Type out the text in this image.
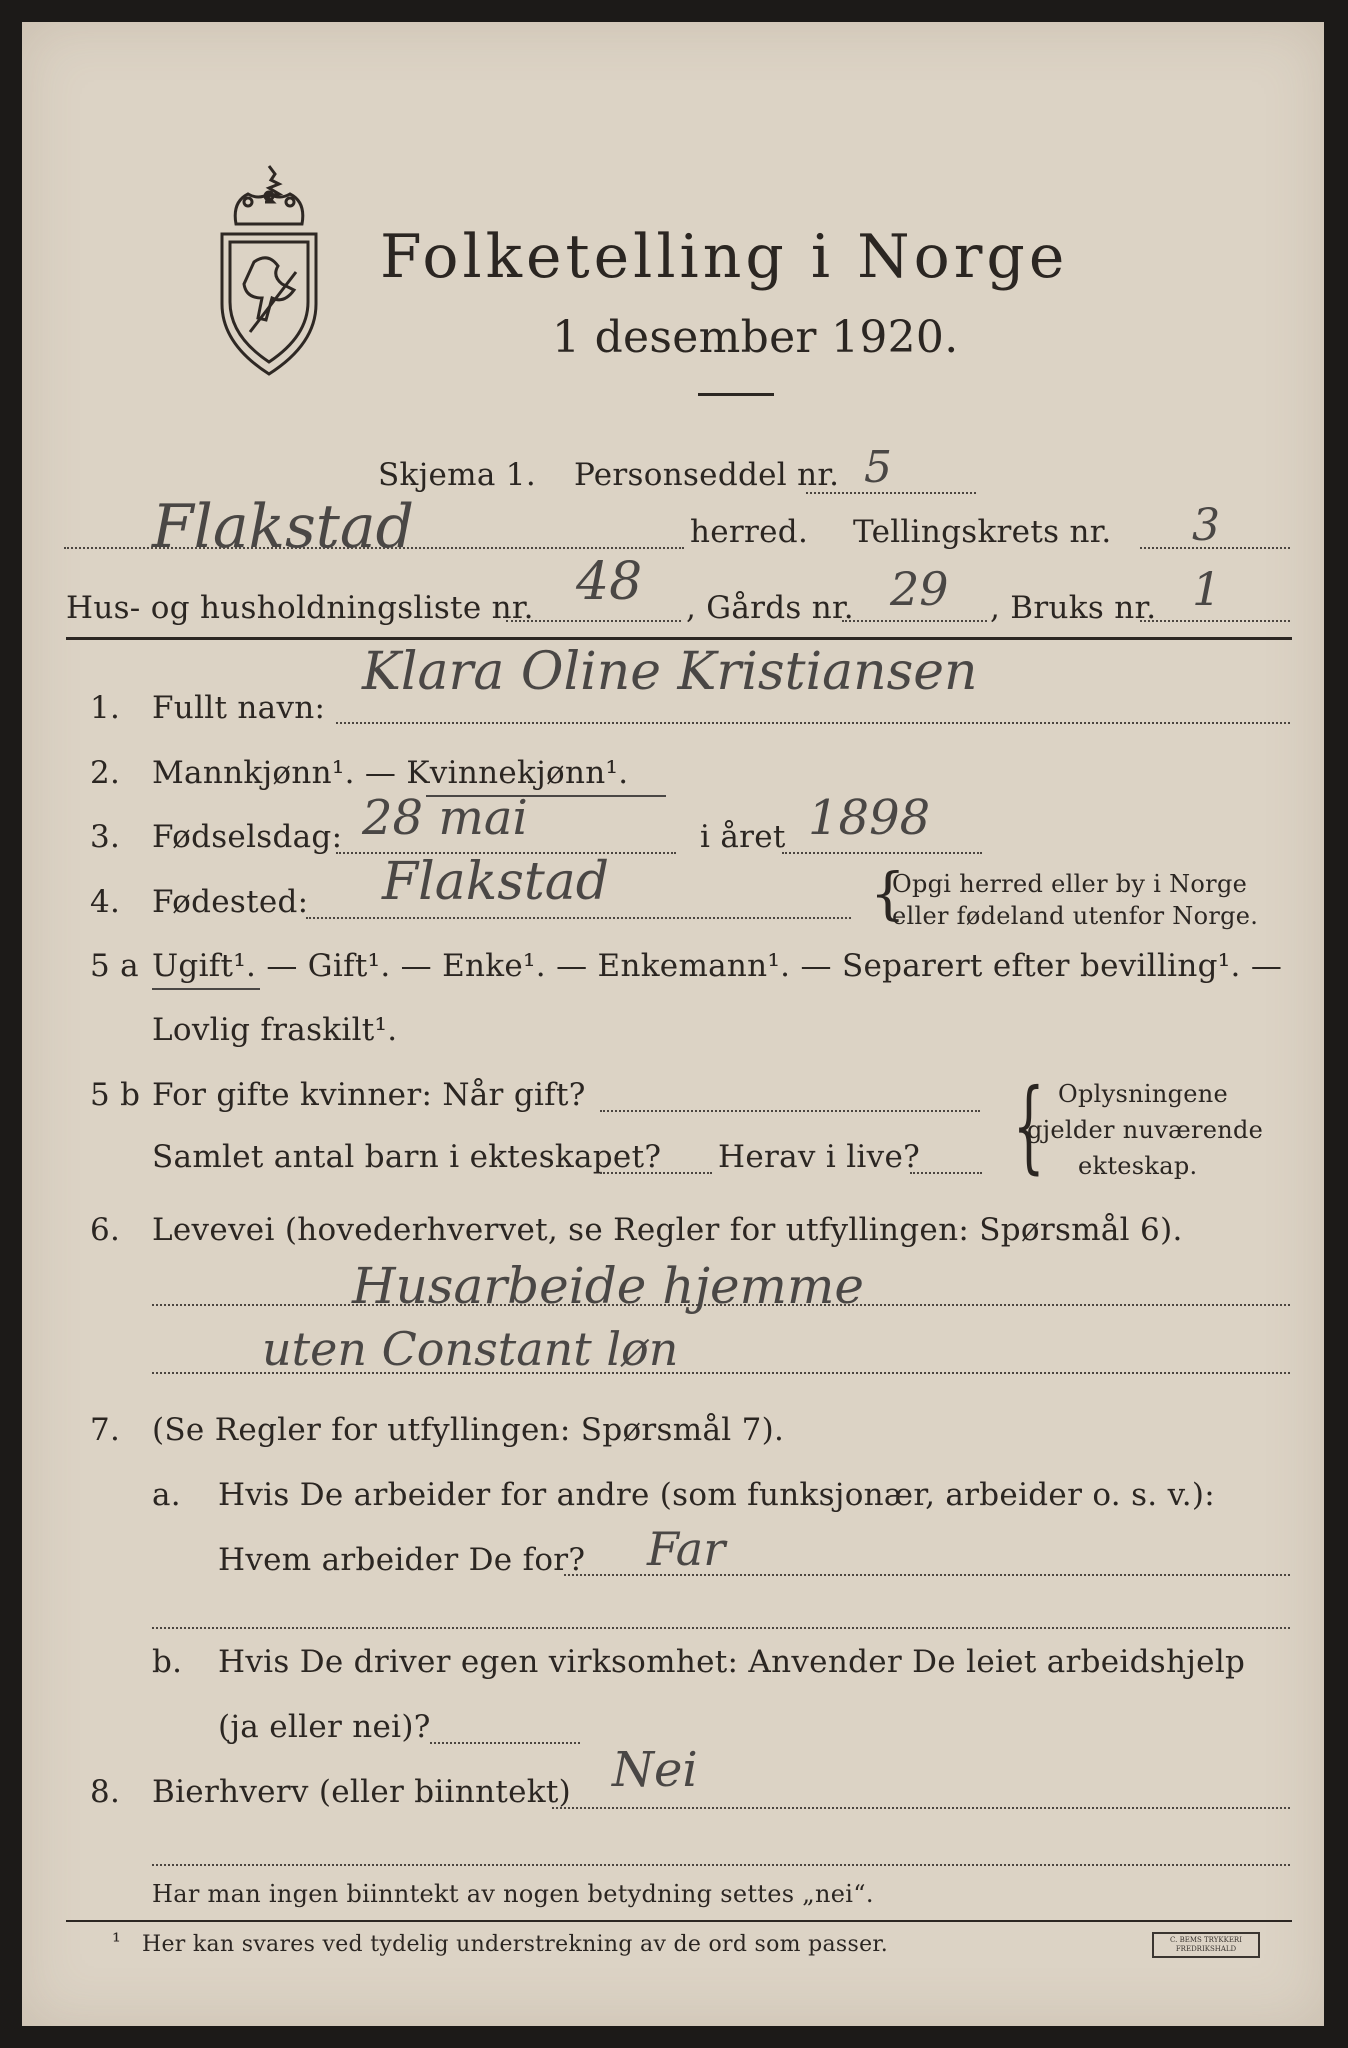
Folketelling i Norge
1 desember 1920.
Skjema 1. Personseddel nr. 5
Flakstad	herred. Tellingskrets nr. 3
Hus- og husholdningsliste nr. 48 , Gårds nr. 29 , Bruks nr. 1
1. Fullt navn:
Klara Oline Kristiansen
2. Mannkjønn¹. — Kvinnekjønn¹.
3. Fødselsdag: 28 mai	i året 1898
4. Fødested: Flakstad	{
Opgi herred eller by i Norge
eller fødeland utenfor Norge.
5 a Ugift¹. — Gift¹. — Enke¹. — Enkemann¹. — Separert efter bevilling¹. —
Lovlig fraskilt¹.
5 b For gifte kvinner: Når gift?
Samlet antal barn i ekteskapet? Herav i live? { Oplysningene
gjelder nuværende
ekteskap.
6. Levevei (hovederhvervet, se Regler for utfyllingen: Spørsmål 6).
Husarbeide hjemme
uten Constant løn
7. (Se Regler for utfyllingen: Spørsmål 7).
a. Hvis De arbeider for andre (som funksjonær, arbeider o. s. v.):
Hvem arbeider De for? Far
b. Hvis De driver egen virksomhet: Anvender De leiet arbeidshjelp
(ja eller nei)?
8. Bierhverv (eller biinntekt) Nei
Har man ingen biinntekt av nogen betydning settes „nei“.
¹ Her kan svares ved tydelig understrekning av de ord som passer.	C. BEMS TRYKKERI FREDRIKSHALD
